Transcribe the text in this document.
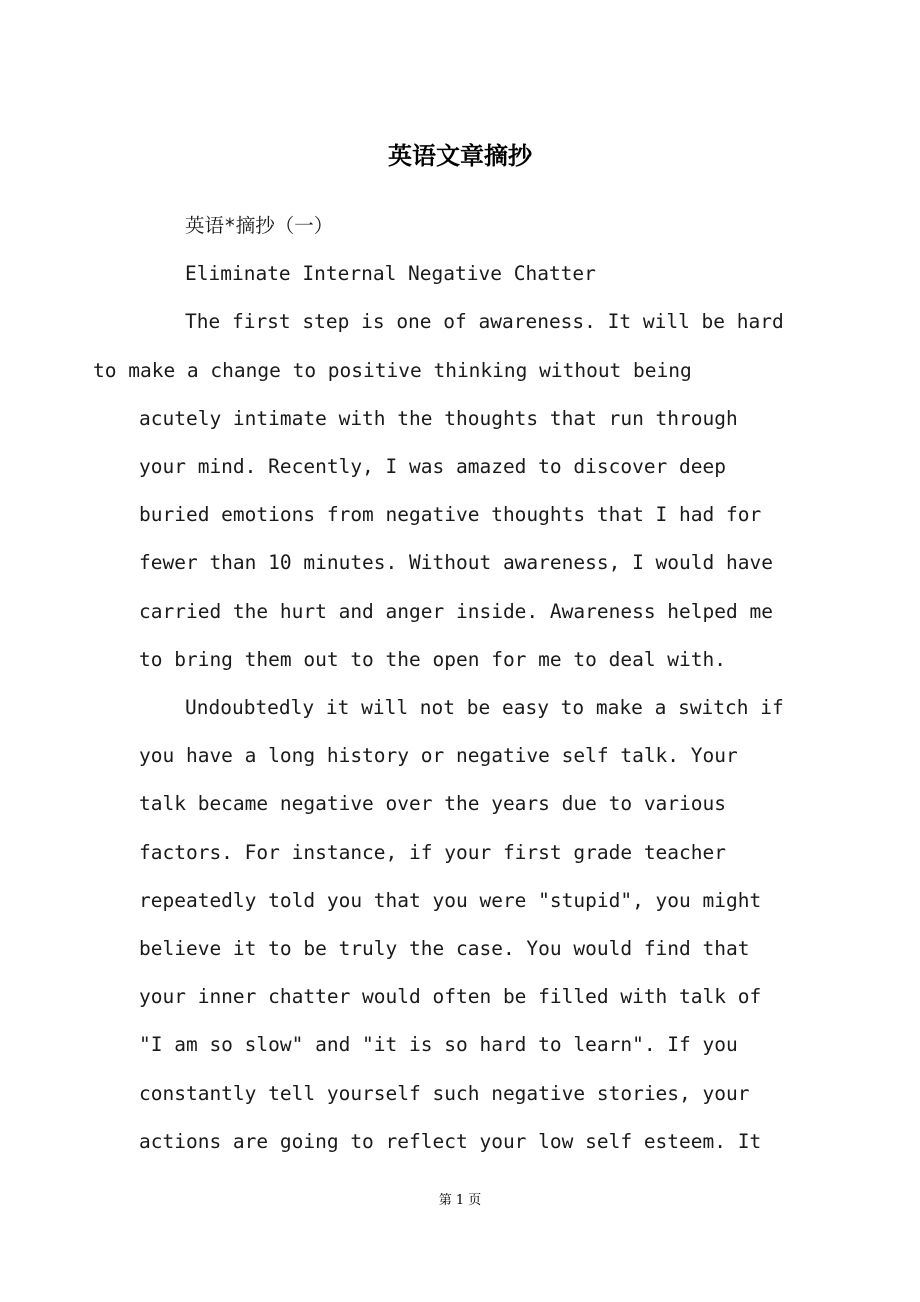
英语文章摘抄

英语*摘抄（一）

Eliminate Internal Negative Chatter

The first step is one of awareness. It will be hard
to make a change to positive thinking without being
acutely intimate with the thoughts that run through
your mind. Recently, I was amazed to discover deep
buried emotions from negative thoughts that I had for
fewer than 10 minutes. Without awareness, I would have
carried the hurt and anger inside. Awareness helped me
to bring them out to the open for me to deal with.

Undoubtedly it will not be easy to make a switch if
you have a long history or negative self talk. Your
talk became negative over the years due to various
factors. For instance, if your first grade teacher
repeatedly told you that you were "stupid", you might
believe it to be truly the case. You would find that
your inner chatter would often be filled with talk of
"I am so slow" and "it is so hard to learn". If you
constantly tell yourself such negative stories, your
actions are going to reflect your low self esteem. It

第 1 页
